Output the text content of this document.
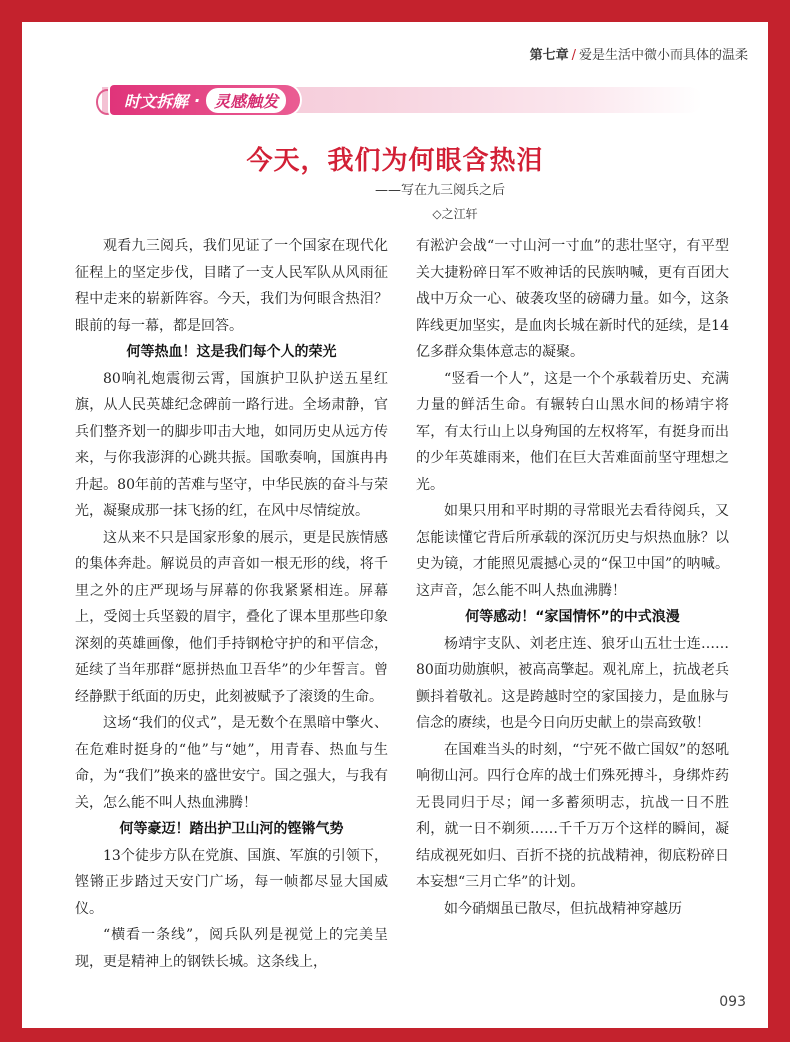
第七章 / 爱是生活中微小而具体的温柔
时文拆解 · 灵感触发
今天，我们为何眼含热泪
——写在九三阅兵之后
◇之江轩

观看九三阅兵，我们见证了一个国家在现代化征程上的坚定步伐，目睹了一支人民军队从风雨征程中走来的崭新阵容。今天，我们为何眼含热泪？眼前的每一幕，都是回答。

何等热血！这是我们每个人的荣光

80响礼炮震彻云霄，国旗护卫队护送五星红旗，从人民英雄纪念碑前一路行进。全场肃静，官兵们整齐划一的脚步叩击大地，如同历史从远方传来，与你我澎湃的心跳共振。国歌奏响，国旗冉冉升起。80年前的苦难与坚守，中华民族的奋斗与荣光，凝聚成那一抹飞扬的红，在风中尽情绽放。

这从来不只是国家形象的展示，更是民族情感的集体奔赴。解说员的声音如一根无形的线，将千里之外的庄严现场与屏幕的你我紧紧相连。屏幕上，受阅士兵坚毅的眉宇，叠化了课本里那些印象深刻的英雄画像，他们手持钢枪守护的和平信念，延续了当年那群“愿拼热血卫吾华”的少年誓言。曾经静默于纸面的历史，此刻被赋予了滚烫的生命。

这场“我们的仪式”，是无数个在黑暗中擎火、在危难时挺身的“他”与“她”，用青春、热血与生命，为“我们”换来的盛世安宁。国之强大，与我有关，怎么能不叫人热血沸腾！

何等豪迈！踏出护卫山河的铿锵气势

13个徒步方队在党旗、国旗、军旗的引领下，铿锵正步踏过天安门广场，每一帧都尽显大国威仪。

“横看一条线”，阅兵队列是视觉上的完美呈现，更是精神上的钢铁长城。这条线上，

有淞沪会战“一寸山河一寸血”的悲壮坚守，有平型关大捷粉碎日军不败神话的民族呐喊，更有百团大战中万众一心、破袭攻坚的磅礴力量。如今，这条阵线更加坚实，是血肉长城在新时代的延续，是14亿多群众集体意志的凝聚。

“竖看一个人”，这是一个个承载着历史、充满力量的鲜活生命。有辗转白山黑水间的杨靖宇将军，有太行山上以身殉国的左权将军，有挺身而出的少年英雄雨来，他们在巨大苦难面前坚守理想之光。

如果只用和平时期的寻常眼光去看待阅兵，又怎能读懂它背后所承载的深沉历史与炽热血脉？以史为镜，才能照见震撼心灵的“保卫中国”的呐喊。这声音，怎么能不叫人热血沸腾！

何等感动！“家国情怀”的中式浪漫

杨靖宇支队、刘老庄连、狼牙山五壮士连……80面功勋旗帜，被高高擎起。观礼席上，抗战老兵颤抖着敬礼。这是跨越时空的家国接力，是血脉与信念的赓续，也是今日向历史献上的崇高致敬！

在国难当头的时刻，“宁死不做亡国奴”的怒吼响彻山河。四行仓库的战士们殊死搏斗，身绑炸药无畏同归于尽；闻一多蓄须明志，抗战一日不胜利，就一日不剃须……千千万万个这样的瞬间，凝结成视死如归、百折不挠的抗战精神，彻底粉碎日本妄想“三月亡华”的计划。

如今硝烟虽已散尽，但抗战精神穿越历

093
